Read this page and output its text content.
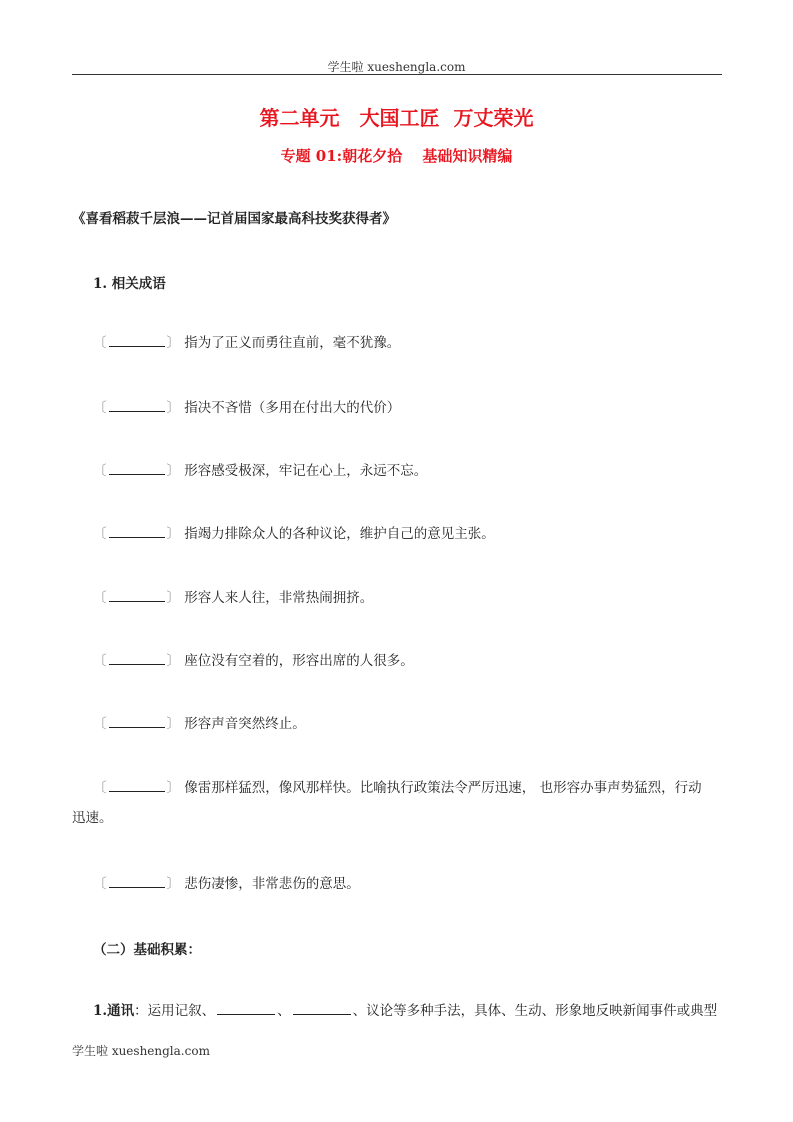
学生啦 xueshengla.com
第二单元　大国工匠  万丈荣光
专题 01:朝花夕拾　 基础知识精编
《喜看稻菽千层浪——记首届国家最高科技奖获得者》
1. 相关成语
〔	〕 指为了正义而勇往直前，毫不犹豫。
〔	〕 指决不吝惜（多用在付出大的代价）
〔	〕 形容感受极深，牢记在心上，永远不忘。
〔	〕 指竭力排除众人的各种议论，维护自己的意见主张。
〔	〕 形容人来人往，非常热闹拥挤。
〔	〕 座位没有空着的，形容出席的人很多。
〔	〕 形容声音突然终止。
〔	〕 像雷那样猛烈，像风那样快。比喻执行政策法令严厉迅速， 也形容办事声势猛烈，行动迅速。
〔	〕 悲伤凄惨，非常悲伤的意思。
（二）基础积累：
1.通讯：运用记叙、	、	、议论等多种手法，具体、生动、形象地反映新闻事件或典型
学生啦 xueshengla.com
